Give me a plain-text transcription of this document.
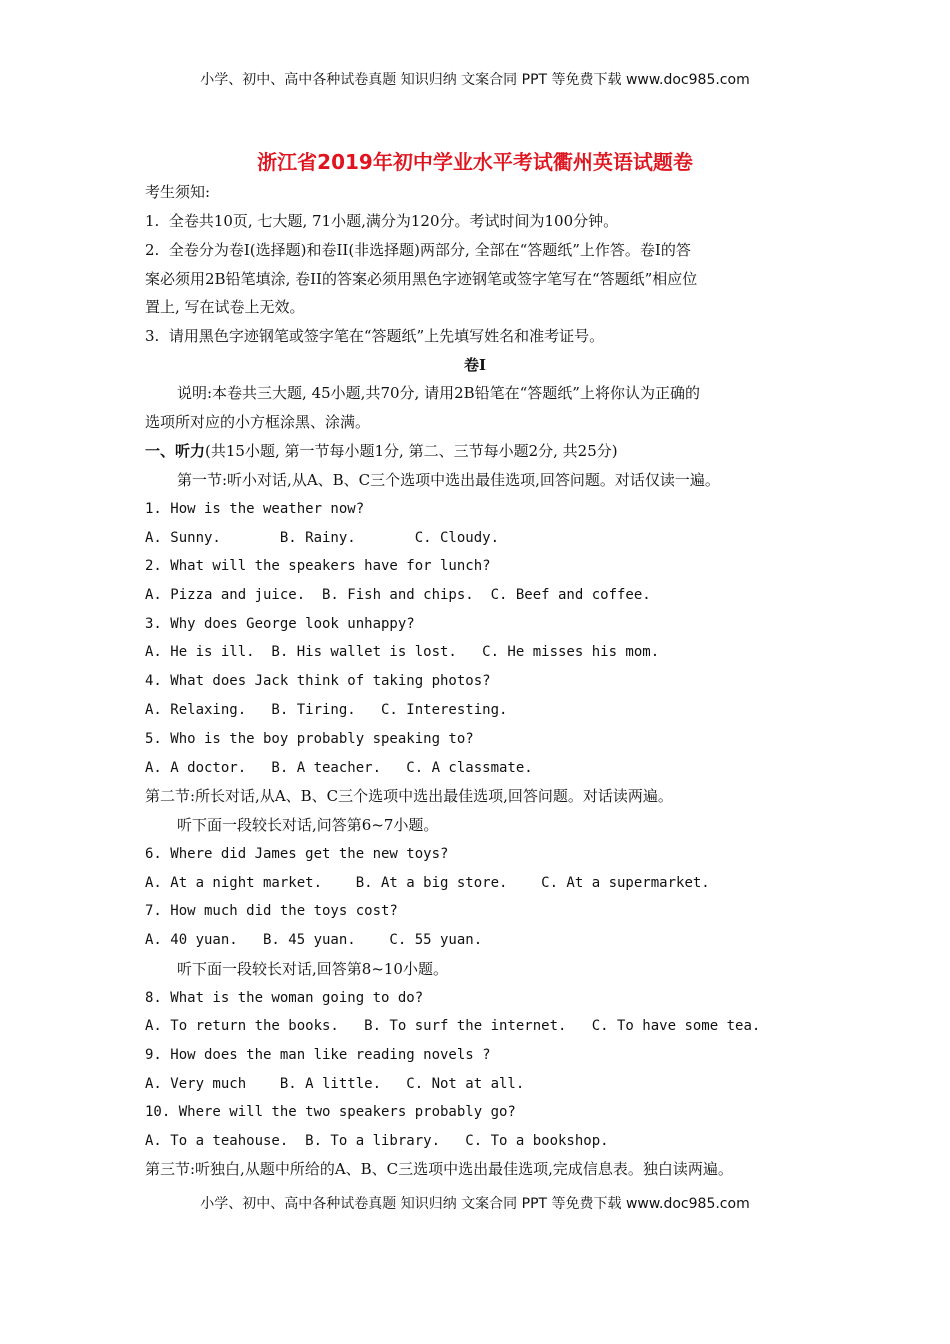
小学、初中、高中各种试卷真题 知识归纳 文案合同 PPT 等免费下载 www.doc985.com
浙江省2019年初中学业水平考试衢州英语试题卷
考生须知:
1.  全卷共10页, 七大题, 71小题,满分为120分。考试时间为100分钟。
2.  全卷分为卷I(选择题)和卷II(非选择题)两部分, 全部在“答题纸”上作答。卷I的答
案必须用2B铅笔填涂, 卷II的答案必须用黑色字迹钢笔或签字笔写在“答题纸”相应位
置上, 写在试卷上无效。
3.  请用黑色字迹钢笔或签字笔在“答题纸”上先填写姓名和准考证号。
卷I
说明:本卷共三大题, 45小题,共70分, 请用2B铅笔在“答题纸”上将你认为正确的
选项所对应的小方框涂黑、涂满。
一、听力(共15小题, 第一节每小题1分, 第二、三节每小题2分, 共25分)
第一节:听小对话,从A、B、C三个选项中选出最佳选项,回答问题。对话仅读一遍。
1. How is the weather now?
A. Sunny.       B. Rainy.       C. Cloudy.
2. What will the speakers have for lunch?
A. Pizza and juice.  B. Fish and chips.  C. Beef and coffee.
3. Why does George look unhappy?
A. He is ill.  B. His wallet is lost.   C. He misses his mom.
4. What does Jack think of taking photos?
A. Relaxing.   B. Tiring.   C. Interesting.
5. Who is the boy probably speaking to?
A. A doctor.   B. A teacher.   C. A classmate.
第二节:所长对话,从A、B、C三个选项中选出最佳选项,回答问题。对话读两遍。
听下面一段较长对话,问答第6~7小题。
6. Where did James get the new toys?
A. At a night market.    B. At a big store.    C. At a supermarket.
7. How much did the toys cost?
A. 40 yuan.   B. 45 yuan.    C. 55 yuan.
听下面一段较长对话,回答第8~10小题。
8. What is the woman going to do?
A. To return the books.   B. To surf the internet.   C. To have some tea.
9. How does the man like reading novels ?
A. Very much    B. A little.   C. Not at all.
10. Where will the two speakers probably go?
A. To a teahouse.  B. To a library.   C. To a bookshop.
第三节:听独白,从题中所给的A、B、C三选项中选出最佳选项,完成信息表。独白读两遍。
小学、初中、高中各种试卷真题 知识归纳 文案合同 PPT 等免费下载 www.doc985.com
